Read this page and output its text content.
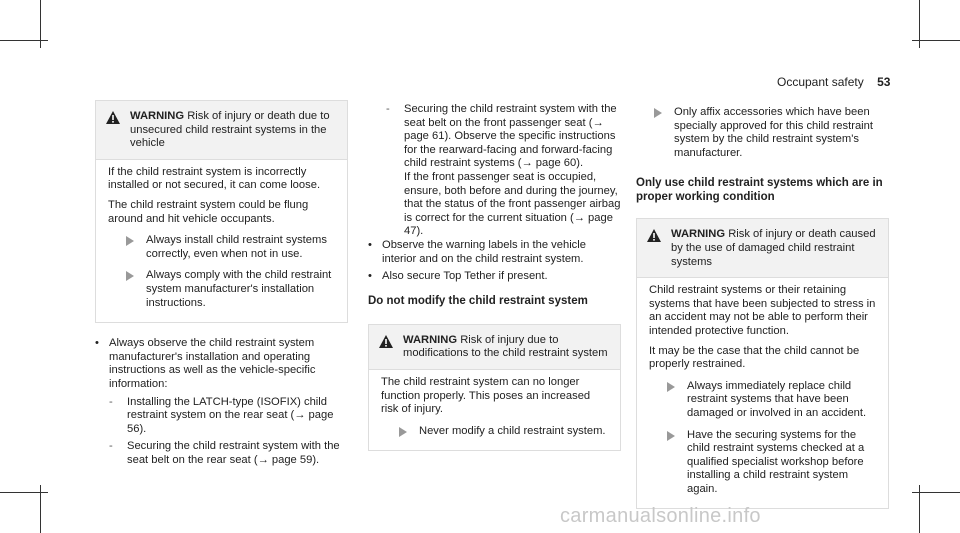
Occupant safety 53
WARNING Risk of injury or death due to unsecured child restraint systems in the vehicle

If the child restraint system is incorrectly installed or not secured, it can come loose.

The child restraint system could be flung around and hit vehicle occupants.

Always install child restraint systems correctly, even when not in use.
Always comply with the child restraint system manufacturer's installation instructions.
• Always observe the child restraint system manufacturer's installation and operating instructions as well as the vehicle-specific information:
- Installing the LATCH-type (ISOFIX) child restraint system on the rear seat (→ page 56).

- Securing the child restraint system with the seat belt on the rear seat (→ page 59).

- Securing the child restraint system with the seat belt on the front passenger seat (→ page 61). Observe the specific instructions for the rearward-facing and forward-facing child restraint systems (→ page 60).

If the front passenger seat is occupied, ensure, both before and during the journey, that the status of the front passenger airbag is correct for the current situation (→ page 47).

• Observe the warning labels in the vehicle interior and on the child restraint system.
• Also secure Top Tether if present.
Do not modify the child restraint system
WARNING Risk of injury due to modifications to the child restraint system

The child restraint system can no longer function properly. This poses an increased risk of injury.

Never modify a child restraint system.
Only affix accessories which have been specially approved for this child restraint system by the child restraint system's manufacturer.
Only use child restraint systems which are in proper working condition
WARNING Risk of injury or death caused by the use of damaged child restraint systems

Child restraint systems or their retaining systems that have been subjected to stress in an accident may not be able to perform their intended protective function.

It may be the case that the child cannot be properly restrained.

Always immediately replace child restraint systems that have been damaged or involved in an accident.
Have the securing systems for the child restraint systems checked at a qualified specialist workshop before installing a child restraint system again.
carmanualsonline.info
